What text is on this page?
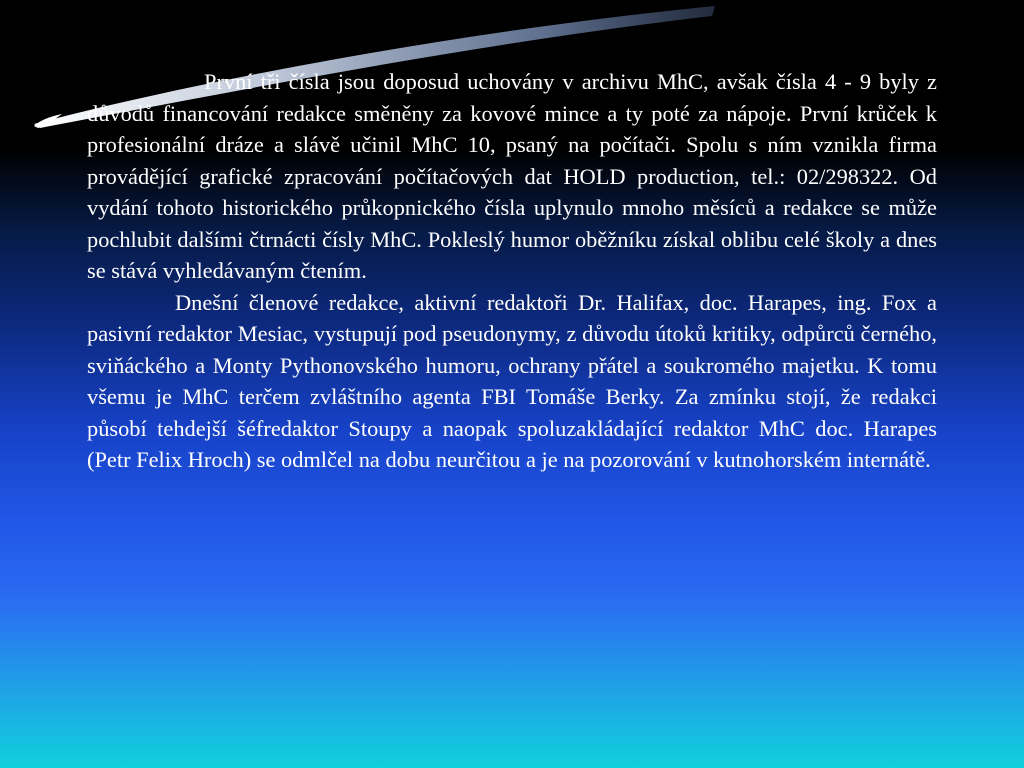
První tři čísla jsou doposud uchovány v archivu MhC, avšak čísla 4 - 9 byly z důvodů financování redakce směněny za kovové mince a ty poté za nápoje. První krůček k profesionální dráze a slávě učinil MhC 10, psaný na počítači. Spolu s ním vznikla firma provádějící grafické zpracování počítačových dat HOLD production, tel.: 02/298322. Od vydání tohoto historického průkopnického čísla uplynulo mnoho měsíců a redakce se může pochlubit dalšími čtrnácti čísly MhC. Pokleslý humor oběžníku získal oblibu celé školy a dnes se stává vyhledávaným čtením.

Dnešní členové redakce, aktivní redaktoři Dr. Halifax, doc. Harapes, ing. Fox a pasivní redaktor Mesiac, vystupují pod pseudonymy, z důvodu útoků kritiky, odpůrců černého, sviňáckého a Monty Pythonovského humoru, ochrany přátel a soukromého majetku. K tomu všemu je MhC terčem zvláštního agenta FBI Tomáše Berky. Za zmínku stojí, že redakci působí tehdejší šéfredaktor Stoupy a naopak spoluzakládající redaktor MhC doc. Harapes (Petr Felix Hroch) se odmlčel na dobu neurčitou a je na pozorování v kutnohorském internátě.
